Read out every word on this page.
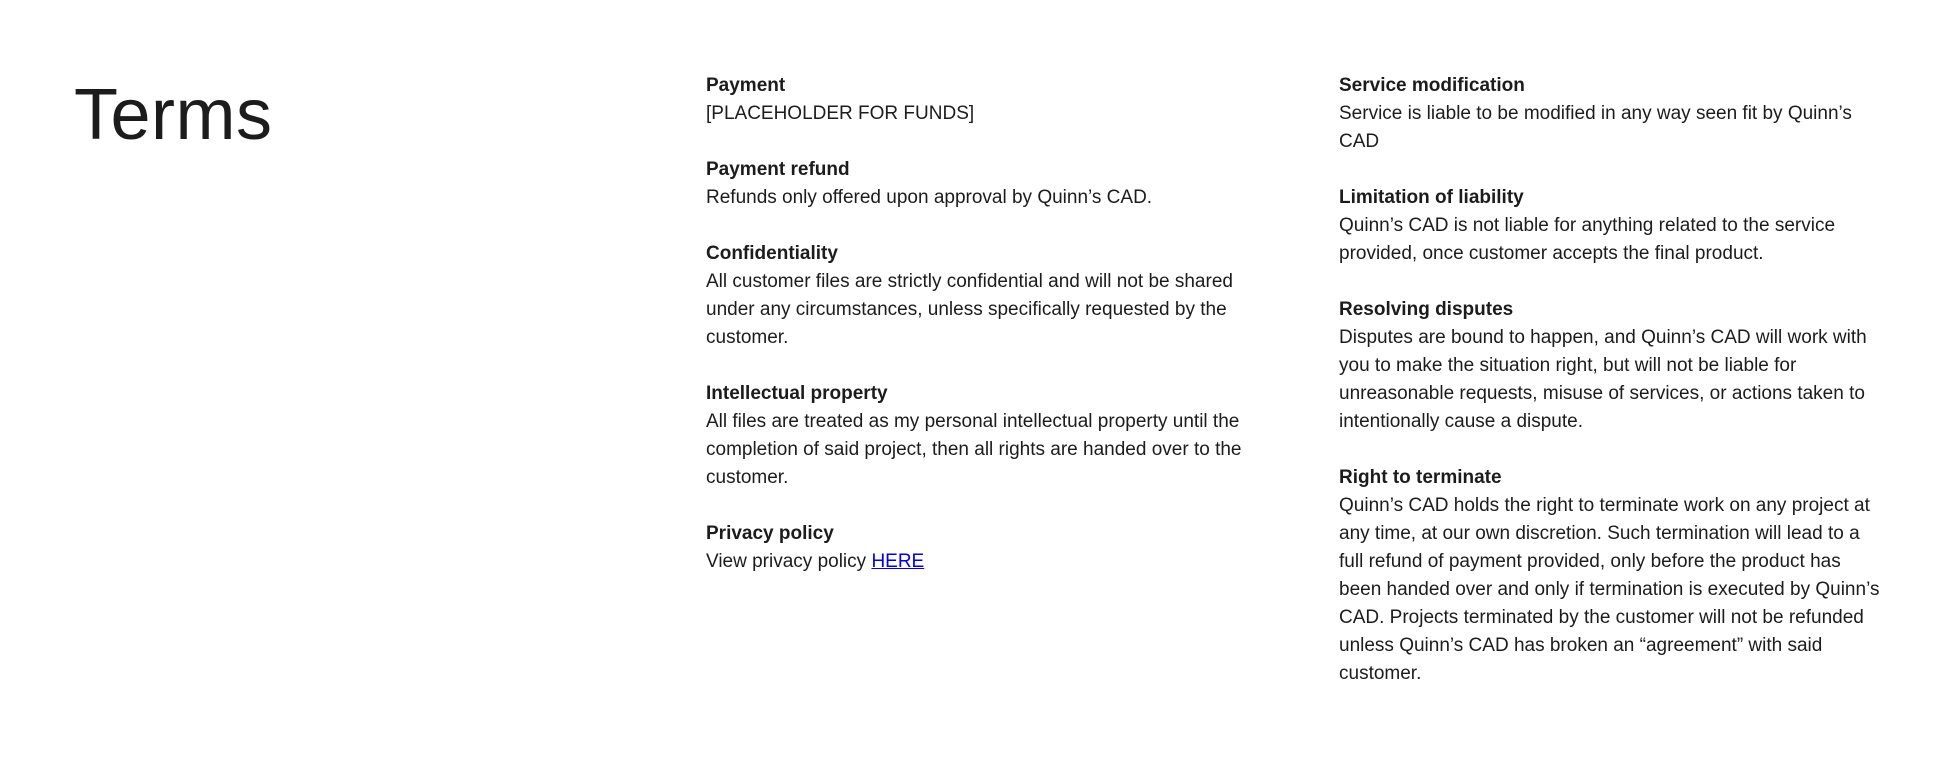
Terms	Payment

[PLACEHOLDER FOR FUNDS]

Payment refund

Refunds only offered upon approval by Quinn’s CAD.

Confidentiality

All customer files are strictly confidential and will not be shared under any circumstances, unless specifically requested by the customer.

Intellectual property

All files are treated as my personal intellectual property until the completion of said project, then all rights are handed over to the customer.

Privacy policy

View privacy policy HERE

Service modification

Service is liable to be modified in any way seen fit by Quinn’s CAD

Limitation of liability

Quinn’s CAD is not liable for anything related to the service provided, once customer accepts the final product.

Resolving disputes

Disputes are bound to happen, and Quinn’s CAD will work with you to make the situation right, but will not be liable for unreasonable requests, misuse of services, or actions taken to intentionally cause a dispute.

Right to terminate

Quinn’s CAD holds the right to terminate work on any project at any time, at our own discretion. Such termination will lead to a full refund of payment provided, only before the product has been handed over and only if termination is executed by Quinn’s CAD. Projects terminated by the customer will not be refunded unless Quinn’s CAD has broken an “agreement” with said customer.
